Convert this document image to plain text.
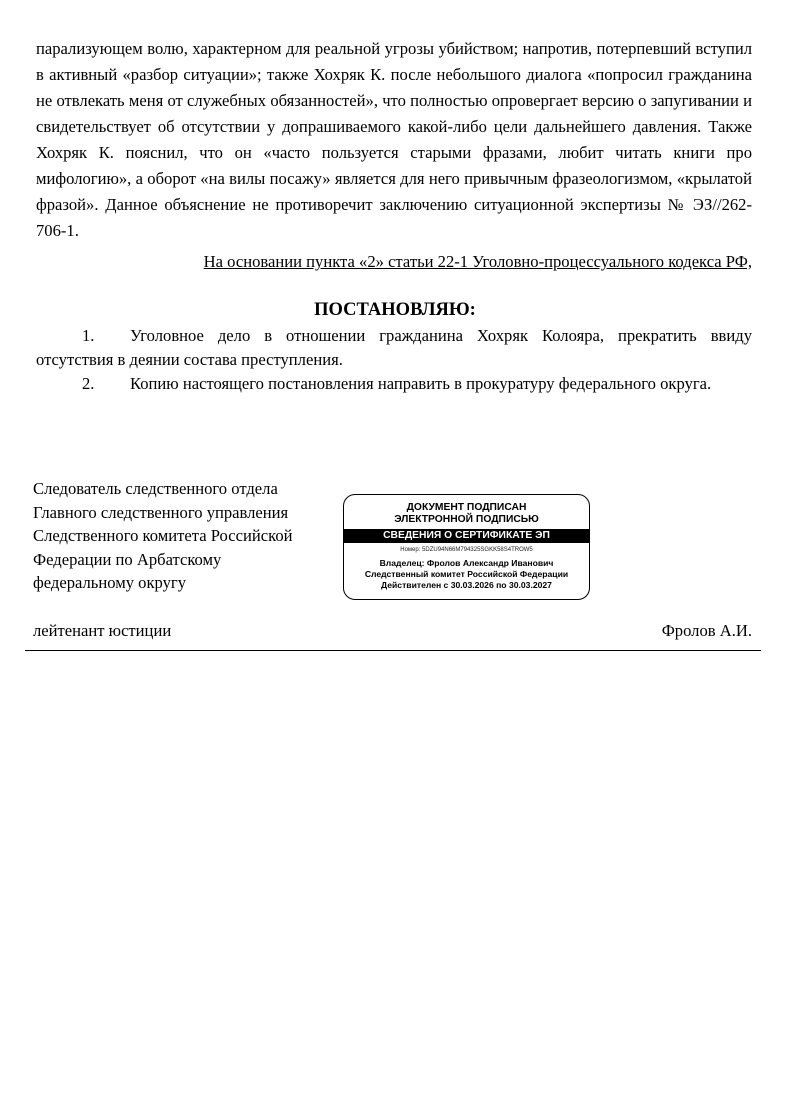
парализующем волю, характерном для реальной угрозы убийством; напротив, потерпевший вступил в активный «разбор ситуации»; также Хохряк К. после небольшого диалога «попросил гражданина не отвлекать меня от служебных обязанностей», что полностью опровергает версию о запугивании и свидетельствует об отсутствии у допрашиваемого какой-либо цели дальнейшего давления. Также Хохряк К. пояснил, что он «часто пользуется старыми фразами, любит читать книги про мифологию», а оборот «на вилы посажу» является для него привычным фразеологизмом, «крылатой фразой». Данное объяснение не противоречит заключению ситуационной экспертизы № ЭЗ//262-706-1.

На основании пункта «2» статьи 22-1 Уголовно-процессуального кодекса РФ,
ПОСТАНОВЛЯЮ:
1. Уголовное дело в отношении гражданина Хохряк Колояра, прекратить ввиду отсутствия в деянии состава преступления.
2. Копию настоящего постановления направить в прокуратуру федерального округа.
Следователь следственного отдела
Главного следственного управления
Следственного комитета Российской
Федерации по Арбатскому
федеральному округу
ДОКУМЕНТ ПОДПИСАН
ЭЛЕКТРОННОЙ ПОДПИСЬЮ
СВЕДЕНИЯ О СЕРТИФИКАТЕ ЭП
Номер: 5DZU94N66M794325SGKK58S4TROW5
Владелец: Фролов Александр Иванович
Следственный комитет Российской Федерации
Действителен с 30.03.2026 по 30.03.2027
лейтенант юстиции	Фролов А.И.
